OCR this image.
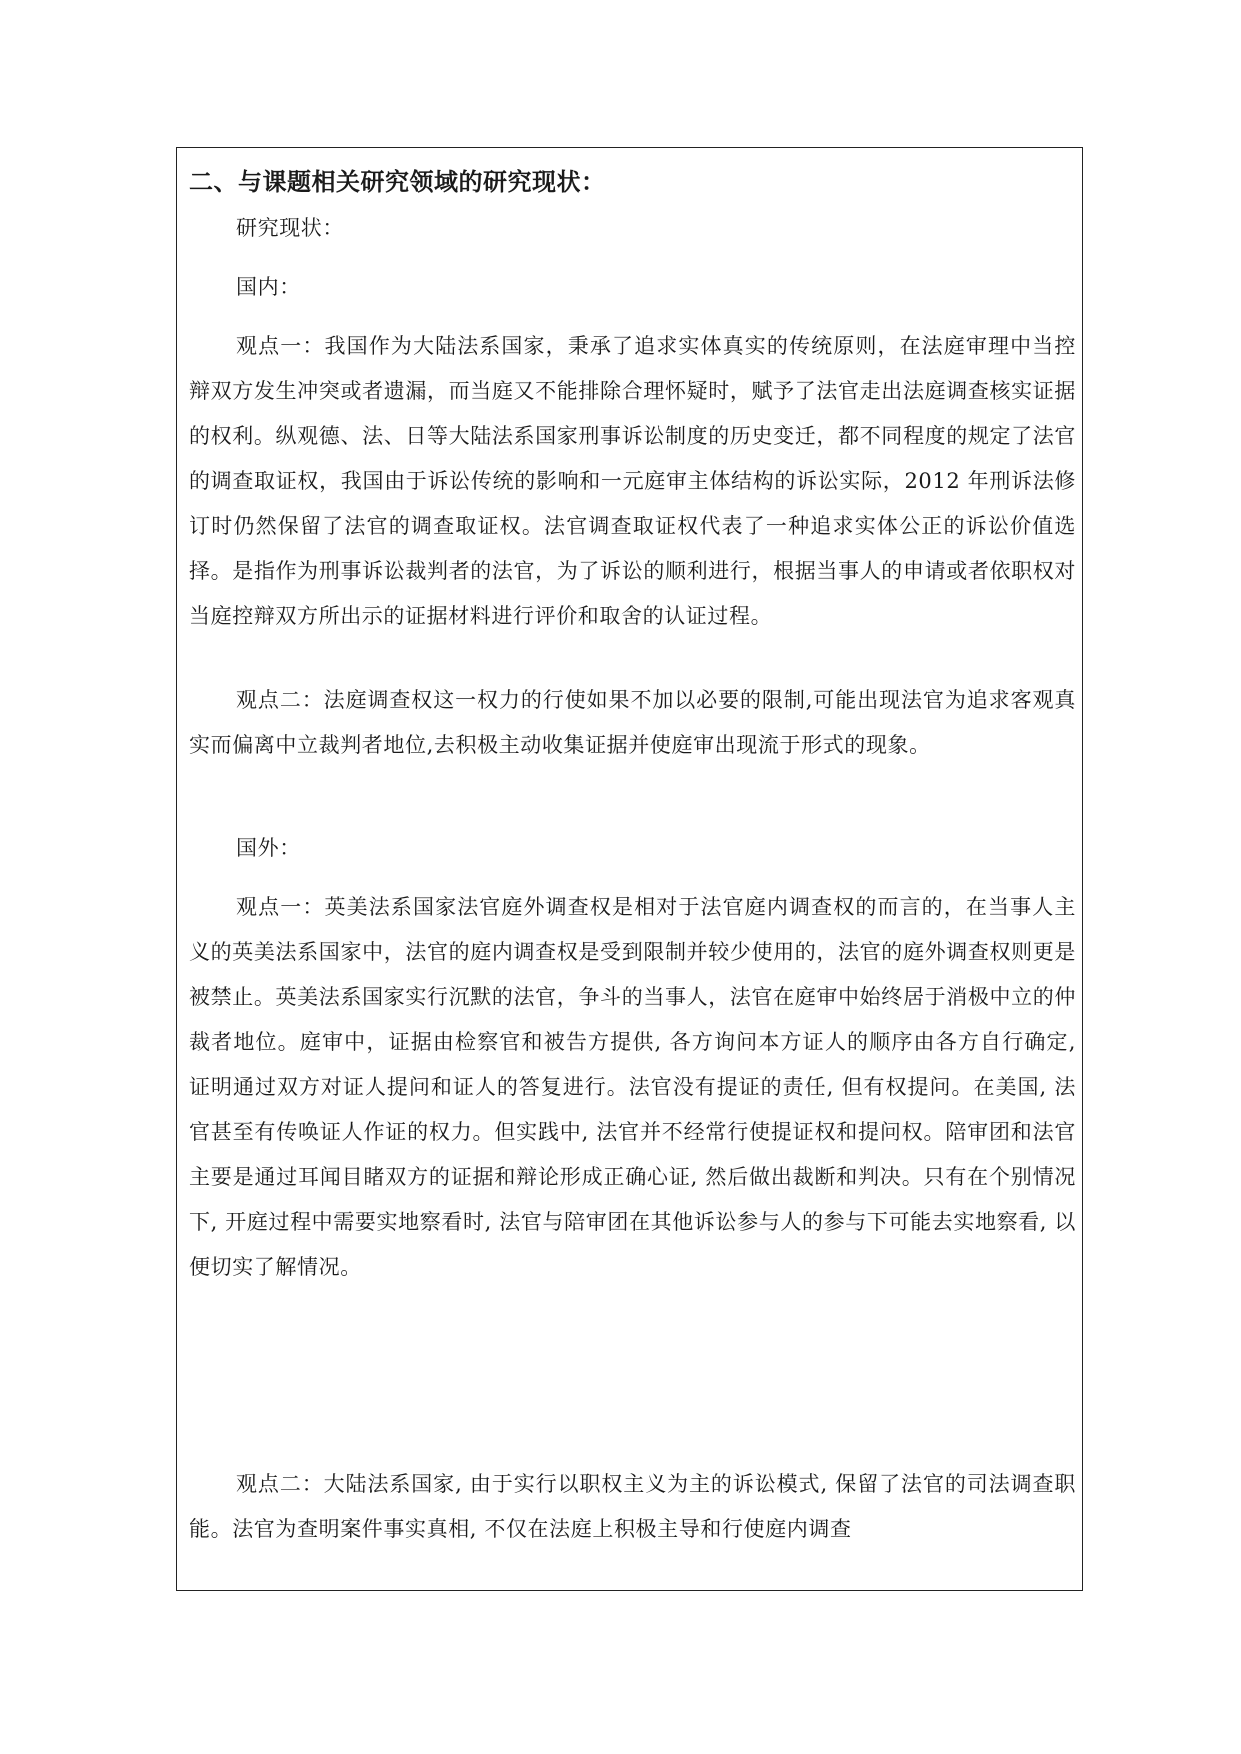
二、与课题相关研究领域的研究现状：

研究现状：

国内：

观点一：我国作为大陆法系国家，秉承了追求实体真实的传统原则，在法庭审理中当控辩双方发生冲突或者遗漏，而当庭又不能排除合理怀疑时，赋予了法官走出法庭调查核实证据的权利。纵观德、法、日等大陆法系国家刑事诉讼制度的历史变迁，都不同程度的规定了法官的调查取证权，我国由于诉讼传统的影响和一元庭审主体结构的诉讼实际，2012 年刑诉法修订时仍然保留了法官的调查取证权。法官调查取证权代表了一种追求实体公正的诉讼价值选择。是指作为刑事诉讼裁判者的法官，为了诉讼的顺利进行，根据当事人的申请或者依职权对当庭控辩双方所出示的证据材料进行评价和取舍的认证过程。

观点二：法庭调查权这一权力的行使如果不加以必要的限制,可能出现法官为追求客观真实而偏离中立裁判者地位,去积极主动收集证据并使庭审出现流于形式的现象。

国外：

观点一：英美法系国家法官庭外调查权是相对于法官庭内调查权的而言的，在当事人主义的英美法系国家中，法官的庭内调查权是受到限制并较少使用的，法官的庭外调查权则更是被禁止。英美法系国家实行沉默的法官，争斗的当事人，法官在庭审中始终居于消极中立的仲裁者地位。庭审中，证据由检察官和被告方提供, 各方询问本方证人的顺序由各方自行确定, 证明通过双方对证人提问和证人的答复进行。法官没有提证的责任, 但有权提问。在美国, 法官甚至有传唤证人作证的权力。但实践中, 法官并不经常行使提证权和提问权。陪审团和法官主要是通过耳闻目睹双方的证据和辩论形成正确心证, 然后做出裁断和判决。只有在个别情况下, 开庭过程中需要实地察看时, 法官与陪审团在其他诉讼参与人的参与下可能去实地察看, 以便切实了解情况。

观点二：大陆法系国家, 由于实行以职权主义为主的诉讼模式, 保留了法官的司法调查职能。法官为查明案件事实真相, 不仅在法庭上积极主导和行使庭内调查
